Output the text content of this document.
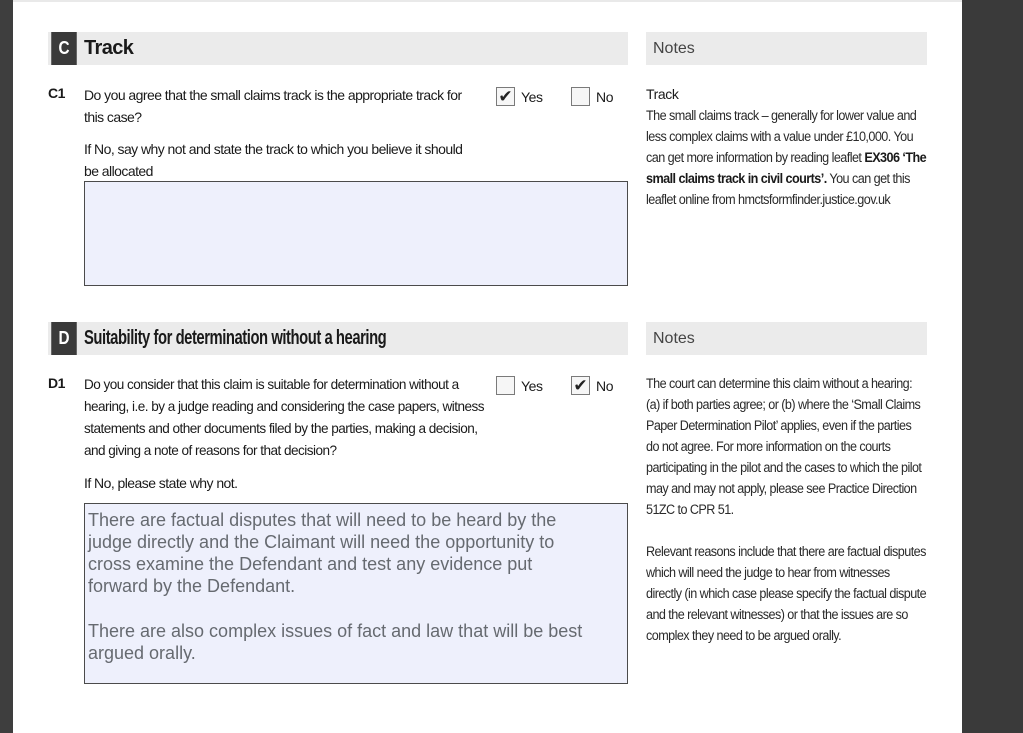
C Track	Notes
C1 Do you agree that the small claims track is the appropriate track for
this case?
✔ Yes	No
If No, say why not and state the track to which you believe it should
be allocated
Track
The small claims track – generally for lower value and
less complex claims with a value under £10,000. You
can get more information by reading leaflet EX306 ‘The
small claims track in civil courts’. You can get this
leaflet online from hmctsformfinder.justice.gov.uk
D Suitability for determination without a hearing	Notes
D1 Do you consider that this claim is suitable for determination without a
hearing, i.e. by a judge reading and considering the case papers, witness
statements and other documents filed by the parties, making a decision,
and giving a note of reasons for that decision?
Yes ✔ No
If No, please state why not.
There are factual disputes that will need to be heard by the
judge directly and the Claimant will need the opportunity to
cross examine the Defendant and test any evidence put
forward by the Defendant.
There are also complex issues of fact and law that will be best
argued orally.
The court can determine this claim without a hearing:
(a) if both parties agree; or (b) where the ‘Small Claims
Paper Determination Pilot’ applies, even if the parties
do not agree. For more information on the courts
participating in the pilot and the cases to which the pilot
may and may not apply, please see Practice Direction
51ZC to CPR 51.
Relevant reasons include that there are factual disputes
which will need the judge to hear from witnesses
directly (in which case please specify the factual dispute
and the relevant witnesses) or that the issues are so
complex they need to be argued orally.
